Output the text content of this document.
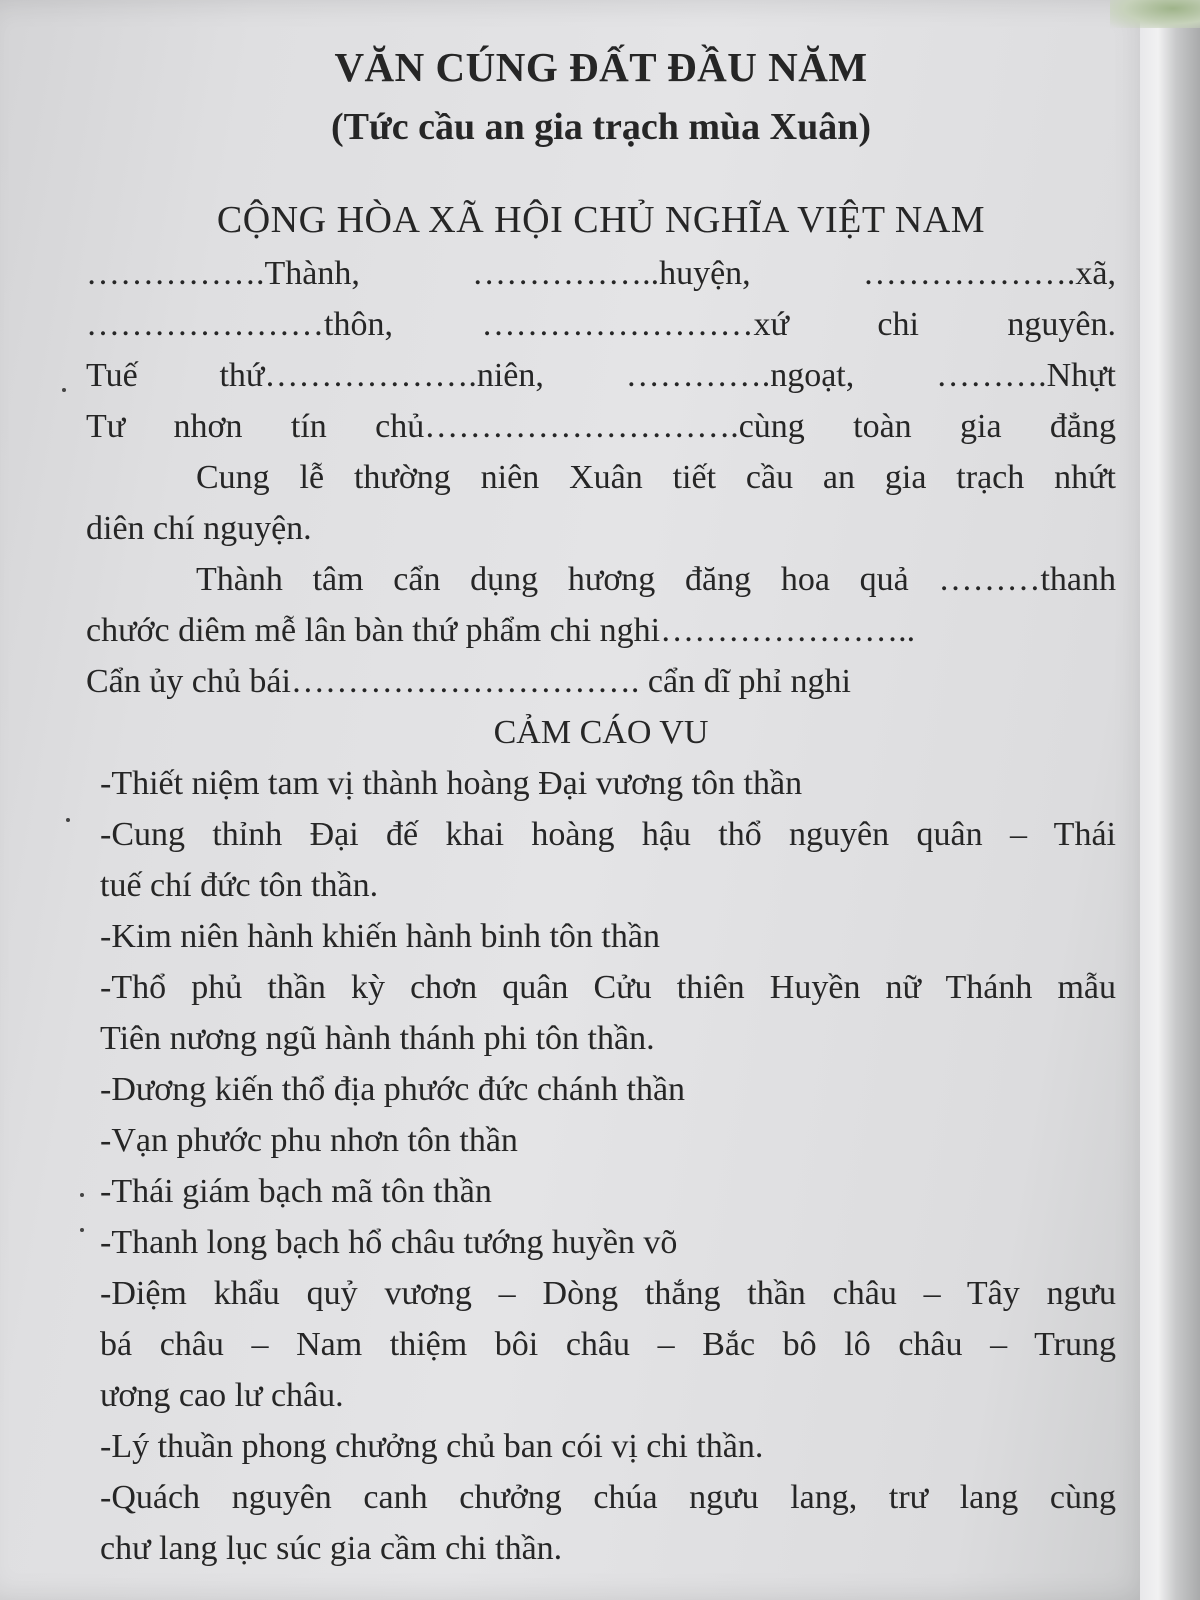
VĂN CÚNG ĐẤT ĐẦU NĂM

(Tức cầu an gia trạch mùa Xuân)

CỘNG HÒA XÃ HỘI CHỦ NGHĨA VIỆT NAM

…………….Thành, ……………..huyện, ……………….xã,

…………………thôn, ……………………xứ chi nguyên.

Tuế thứ……………….niên, ………….ngoạt, ……….Nhựt

Tư nhơn tín chủ……………………….cùng toàn gia đẳng

Cung lễ thường niên Xuân tiết cầu an gia trạch nhứt

diên chí nguyện.

Thành tâm cẩn dụng hương đăng hoa quả ………thanh

chước diêm mễ lân bàn thứ phẩm chi nghi…………………..

Cẩn ủy chủ bái…………………………. cẩn dĩ phỉ nghi

CẢM CÁO VU

-Thiết niệm tam vị thành hoàng Đại vương tôn thần

-Cung thỉnh Đại đế khai hoàng hậu thổ nguyên quân – Thái

tuế chí đức tôn thần.

-Kim niên hành khiến hành binh tôn thần

-Thổ phủ thần kỳ chơn quân Cửu thiên Huyền nữ Thánh mẫu

Tiên nương ngũ hành thánh phi tôn thần.

-Dương kiến thổ địa phước đức chánh thần

-Vạn phước phu nhơn tôn thần

-Thái giám bạch mã tôn thần

-Thanh long bạch hổ châu tướng huyền võ

-Diệm khẩu quỷ vương – Dòng thắng thần châu – Tây ngưu

bá châu – Nam thiệm bôi châu – Bắc bô lô châu – Trung

ương cao lư châu.

-Lý thuần phong chưởng chủ ban cói vị chi thần.

-Quách nguyên canh chưởng chúa ngưu lang, trư lang cùng

chư lang lục súc gia cầm chi thần.
